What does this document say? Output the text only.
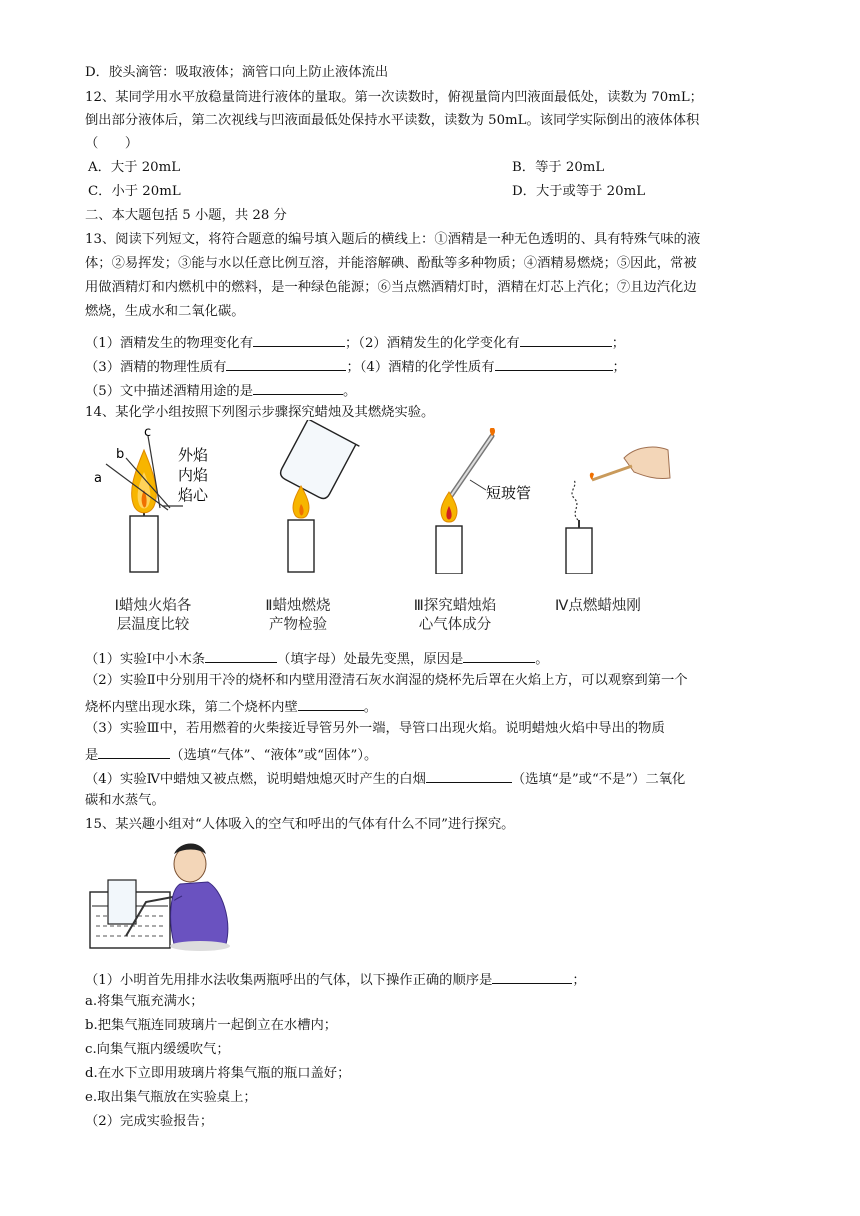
D．胶头滴管：吸取液体；滴管口向上防止液体流出
12、某同学用水平放稳量筒进行液体的量取。第一次读数时，俯视量筒内凹液面最低处，读数为 70mL；
倒出部分液体后，第二次视线与凹液面最低处保持水平读数，读数为 50mL。该同学实际倒出的液体体积
（　　）
A．大于 20mL	B．等于 20mL
C．小于 20mL	D．大于或等于 20mL
二、本大题包括 5 小题，共 28 分
13、阅读下列短文，将符合题意的编号填入题后的横线上：①酒精是一种无色透明的、具有特殊气味的液
体；②易挥发；③能与水以任意比例互溶，并能溶解碘、酚酞等多种物质；④酒精易燃烧；⑤因此，常被
用做酒精灯和内燃机中的燃料，是一种绿色能源；⑥当点燃酒精灯时，酒精在灯芯上汽化；⑦且边汽化边
燃烧，生成水和二氧化碳。
（1）酒精发生的物理变化有	；（2）酒精发生的化学变化有	；
（3）酒精的物理性质有	；（4）酒精的化学性质有	；
（5）文中描述酒精用途的是	。
14、某化学小组按照下列图示步骤探究蜡烛及其燃烧实验。
a
b
c
外焰
内焰
焰心	短玻管
Ⅰ蜡烛火焰各
层温度比较
Ⅱ蜡烛燃烧
产物检验
Ⅲ探究蜡烛焰
心气体成分
Ⅳ点燃蜡烛刚
（1）实验Ⅰ中小木条	（填字母）处最先变黑，原因是	。
（2）实验Ⅱ中分别用干冷的烧杯和内壁用澄清石灰水润湿的烧杯先后罩在火焰上方，可以观察到第一个
烧杯内壁出现水珠，第二个烧杯内壁	。
（3）实验Ⅲ中，若用燃着的火柴接近导管另外一端，导管口出现火焰。说明蜡烛火焰中导出的物质
是	（选填“气体”、“液体”或“固体”）。
（4）实验Ⅳ中蜡烛又被点燃，说明蜡烛熄灭时产生的白烟	（选填“是”或“不是”）二氧化
碳和水蒸气。
15、某兴趣小组对“人体吸入的空气和呼出的气体有什么不同”进行探究。
（1）小明首先用排水法收集两瓶呼出的气体，以下操作正确的顺序是	；
a.将集气瓶充满水；
b.把集气瓶连同玻璃片一起倒立在水槽内；
c.向集气瓶内缓缓吹气；
d.在水下立即用玻璃片将集气瓶的瓶口盖好；
e.取出集气瓶放在实验桌上；
（2）完成实验报告；
